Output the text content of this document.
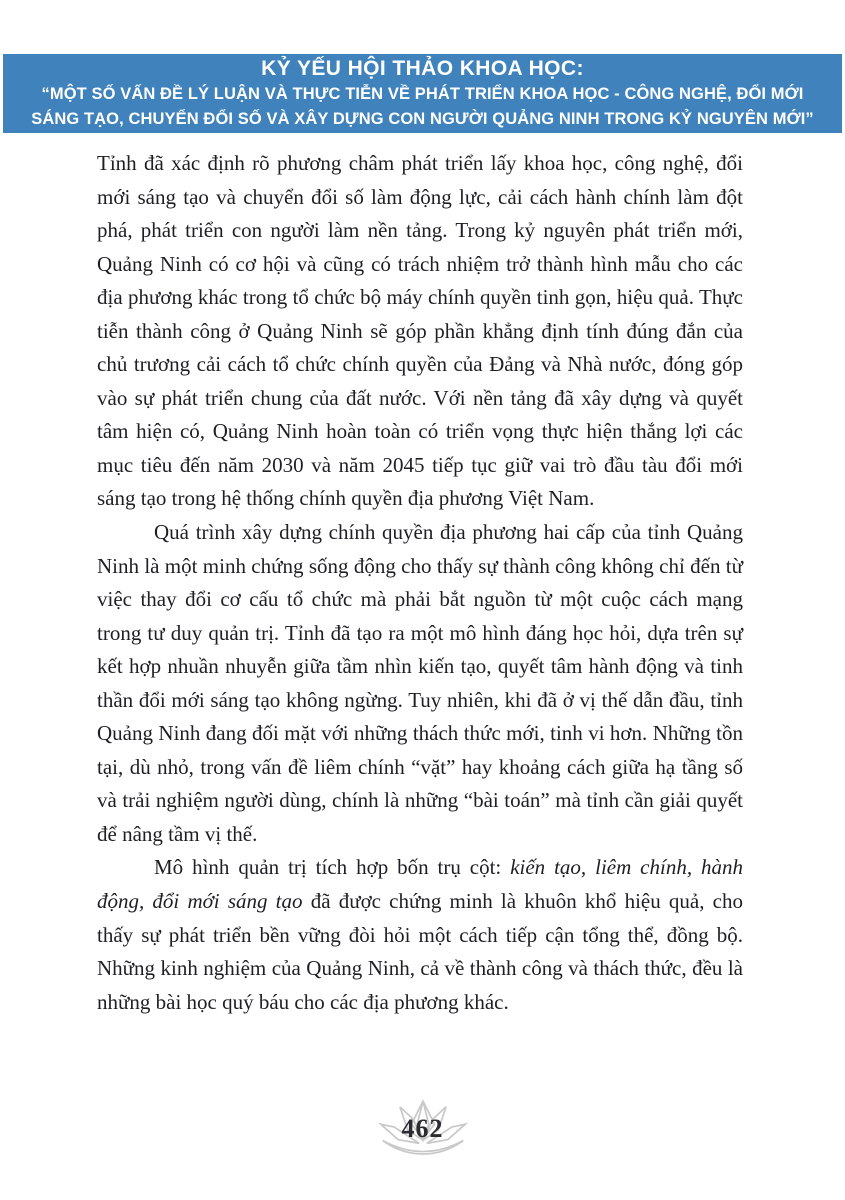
KỶ YẾU HỘI THẢO KHOA HỌC:
“MỘT SỐ VẤN ĐỀ LÝ LUẬN VÀ THỰC TIỄN VỀ PHÁT TRIỂN KHOA HỌC - CÔNG NGHỆ, ĐỔI MỚI
SÁNG TẠO, CHUYỂN ĐỔI SỐ VÀ XÂY DỰNG CON NGƯỜI QUẢNG NINH TRONG KỶ NGUYÊN MỚI”

Tỉnh đã xác định rõ phương châm phát triển lấy khoa học, công nghệ, đổi mới sáng tạo và chuyển đổi số làm động lực, cải cách hành chính làm đột phá, phát triển con người làm nền tảng. Trong kỷ nguyên phát triển mới, Quảng Ninh có cơ hội và cũng có trách nhiệm trở thành hình mẫu cho các địa phương khác trong tổ chức bộ máy chính quyền tinh gọn, hiệu quả. Thực tiễn thành công ở Quảng Ninh sẽ góp phần khẳng định tính đúng đắn của chủ trương cải cách tổ chức chính quyền của Đảng và Nhà nước, đóng góp vào sự phát triển chung của đất nước. Với nền tảng đã xây dựng và quyết tâm hiện có, Quảng Ninh hoàn toàn có triển vọng thực hiện thắng lợi các mục tiêu đến năm 2030 và năm 2045 tiếp tục giữ vai trò đầu tàu đổi mới sáng tạo trong hệ thống chính quyền địa phương Việt Nam.

Quá trình xây dựng chính quyền địa phương hai cấp của tỉnh Quảng Ninh là một minh chứng sống động cho thấy sự thành công không chỉ đến từ việc thay đổi cơ cấu tổ chức mà phải bắt nguồn từ một cuộc cách mạng trong tư duy quản trị. Tỉnh đã tạo ra một mô hình đáng học hỏi, dựa trên sự kết hợp nhuần nhuyễn giữa tầm nhìn kiến tạo, quyết tâm hành động và tinh thần đổi mới sáng tạo không ngừng. Tuy nhiên, khi đã ở vị thế dẫn đầu, tỉnh Quảng Ninh đang đối mặt với những thách thức mới, tinh vi hơn. Những tồn tại, dù nhỏ, trong vấn đề liêm chính “vặt” hay khoảng cách giữa hạ tầng số và trải nghiệm người dùng, chính là những “bài toán” mà tỉnh cần giải quyết để nâng tầm vị thế.

Mô hình quản trị tích hợp bốn trụ cột: kiến tạo, liêm chính, hành động, đổi mới sáng tạo đã được chứng minh là khuôn khổ hiệu quả, cho thấy sự phát triển bền vững đòi hỏi một cách tiếp cận tổng thể, đồng bộ. Những kinh nghiệm của Quảng Ninh, cả về thành công và thách thức, đều là những bài học quý báu cho các địa phương khác.

462
